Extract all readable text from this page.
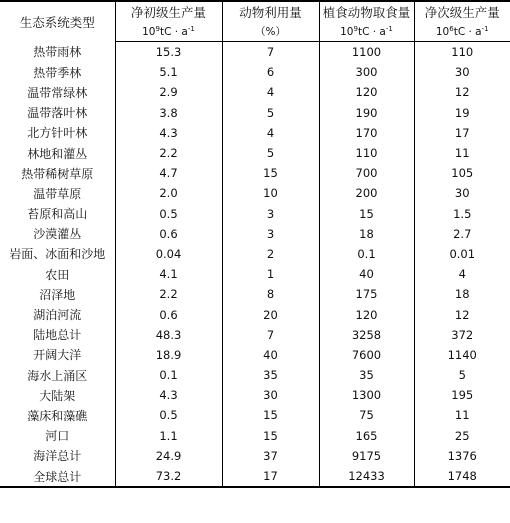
生态系统类型	净初级生产量	动物利用量	植食动物取食量	净次级生产量
	$10^9tC \cdot a^{-1}$	（%）	$10^9tC \cdot a^{-1}$	$10^6tC \cdot a^{-1}$
热带雨林	15.3	7	1100	110
热带季林	5.1	6	300	30
温带常绿林	2.9	4	120	12
温带落叶林	3.8	5	190	19
北方针叶林	4.3	4	170	17
林地和灌丛	2.2	5	110	11
热带稀树草原	4.7	15	700	105
温带草原	2.0	10	200	30
苔原和高山	0.5	3	15	1.5
沙漠灌丛	0.6	3	18	2.7
岩面、冰面和沙地	0.04	2	0.1	0.01
农田	4.1	1	40	4
沼泽地	2.2	8	175	18
湖泊河流	0.6	20	120	12
陆地总计	48.3	7	3258	372
开阔大洋	18.9	40	7600	1140
海水上涌区	0.1	35	35	5
大陆架	4.3	30	1300	195
藻床和藻礁	0.5	15	75	11
河口	1.1	15	165	25
海洋总计	24.9	37	9175	1376
全球总计	73.2	17	12433	1748
